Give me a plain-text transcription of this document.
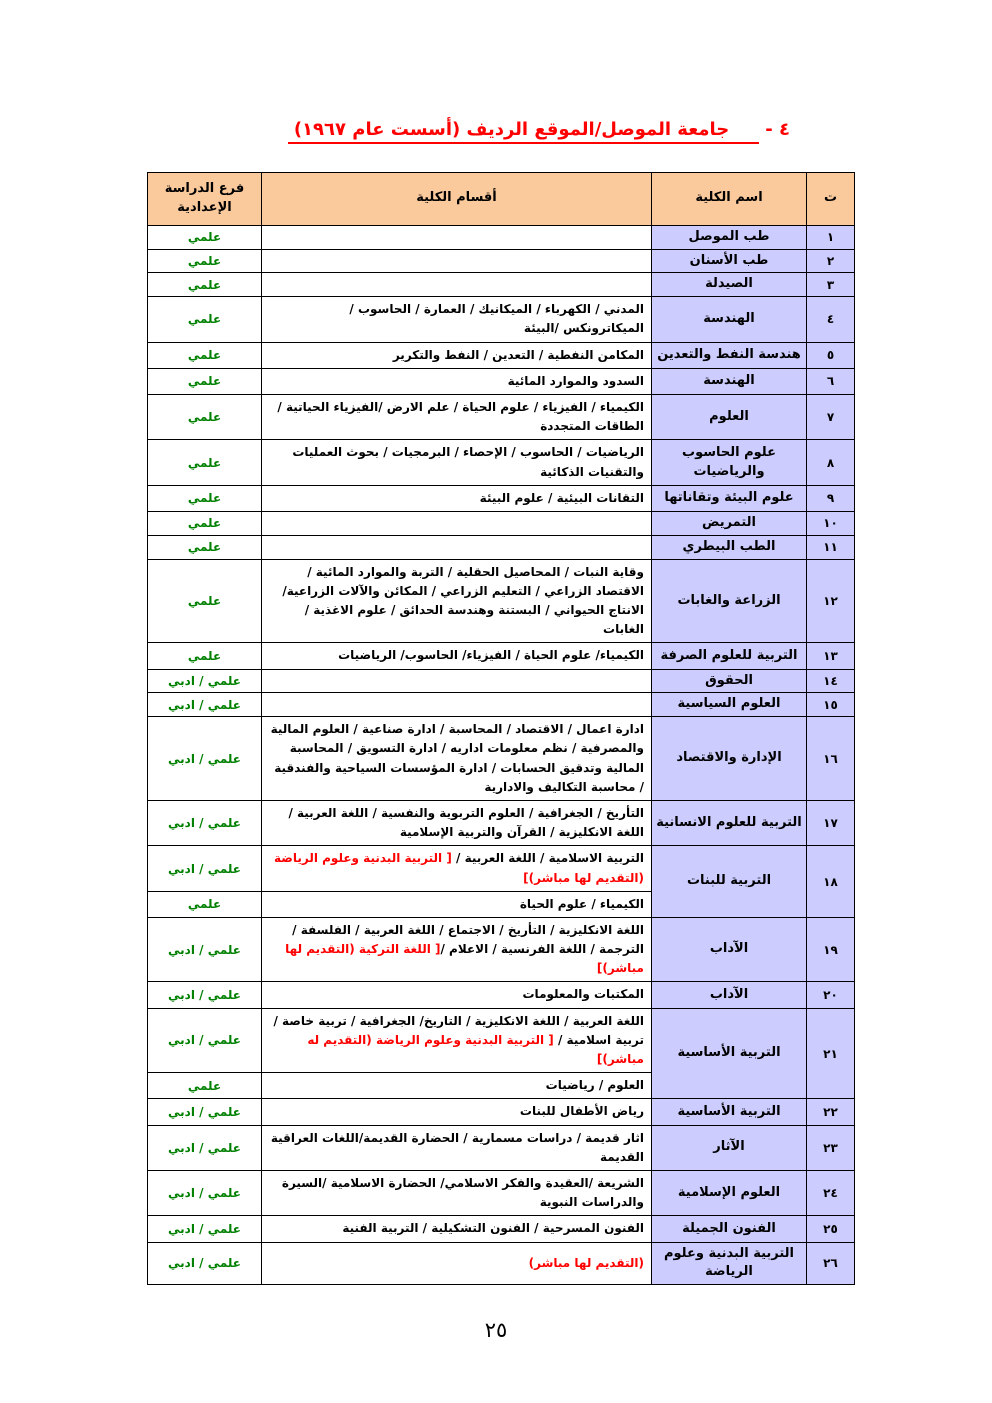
٤ -جامعة الموصل/الموقع الرديف (أسست عام ١٩٦٧)
ت	اسم الكلية	أقسام الكلية	فرع الدراسة الإعدادية
١	طب الموصل		علمي
٢	طب الأسنان		علمي
٣	الصيدلة		علمي
٤	الهندسة	المدني / الكهرباء / الميكانيك / العمارة / الحاسوب / الميكاترونكس /البيئة	علمي
٥	هندسة النفط والتعدين	المكامن النفطية / التعدين / النفط والتكرير	علمي
٦	الهندسة	السدود والموارد المائية	علمي
٧	العلوم	الكيمياء / الفيزياء / علوم الحياة / علم الارض /الفيزياء الحياتية / الطاقات المتجددة	علمي
٨	علوم الحاسوب والرياضيات	الرياضيات / الحاسوب / الإحصاء / البرمجيات / بحوث العمليات والتقنيات الذكائية	علمي
٩	علوم البيئة وتقاناتها	التقانات البيئية / علوم البيئة	علمي
١٠	التمريض		علمي
١١	الطب البيطري		علمي
١٢	الزراعة والغابات	وقاية النبات / المحاصيل الحقلية / التربة والموارد المائية / الاقتصاد الزراعي / التعليم الزراعي / المكائن والآلات الزراعية/ الانتاج الحيواني / البستنة وهندسة الحدائق / علوم الاغذية / الغابات	علمي
١٣	التربية للعلوم الصرفة	الكيمياء/ علوم الحياة / الفيزياء/ الحاسوب/ الرياضيات	علمي
١٤	الحقوق		علمي / ادبي
١٥	العلوم السياسية		علمي / ادبي
١٦	الإدارة والاقتصاد	ادارة اعمال / الاقتصاد / المحاسبة / ادارة صناعية / العلوم المالية والمصرفية / نظم معلومات اداريه / ادارة التسويق / المحاسبة المالية وتدقيق الحسابات / ادارة المؤسسات السياحية والفندقية / محاسبة التكاليف والادارية	علمي / ادبي
١٧	التربية للعلوم الانسانية	التأريخ / الجغرافية / العلوم التربوية والنفسية / اللغة العربية / اللغة الانكليزية / القرآن والتربية الإسلامية	علمي / ادبي
١٨	التربية للبنات	التربية الاسلامية / اللغة العربية / [ التربية البدنية وعلوم الرياضة (التقديم لها مباشر)]	علمي / ادبي
		الكيمياء / علوم الحياة	علمي
١٩	الآداب	اللغة الانكليزية / التأريخ / الاجتماع / اللغة العربية / الفلسفة / الترجمة / اللغة الفرنسية / الاعلام /[ اللغة التركية (التقديم لها مباشر)]	علمي / ادبي
٢٠	الآداب	المكتبات والمعلومات	علمي / ادبي
٢١	التربية الأساسية	اللغة العربية / اللغة الانكليزية / التاريخ/ الجغرافية / تربية خاصة / تربية اسلامية / [ التربية البدنية وعلوم الرياضة (التقديم له مباشر)]	علمي / ادبي
		العلوم / رياضيات	علمي
٢٢	التربية الأساسية	رياض الأطفال للبنات	علمي / ادبي
٢٣	الآثار	اثار قديمة / دراسات مسمارية / الحضارة القديمة/اللغات العراقية القديمة	علمي / ادبي
٢٤	العلوم الإسلامية	الشريعة /العقيدة والفكر الاسلامي/ الحضارة الاسلامية /السيرة والدراسات النبوية	علمي / ادبي
٢٥	الفنون الجميلة	الفنون المسرحية / الفنون التشكيلية / التربية الفنية	علمي / ادبي
٢٦	التربية البدنية وعلوم الرياضة	(التقديم لها مباشر)	علمي / ادبي
٢٥
